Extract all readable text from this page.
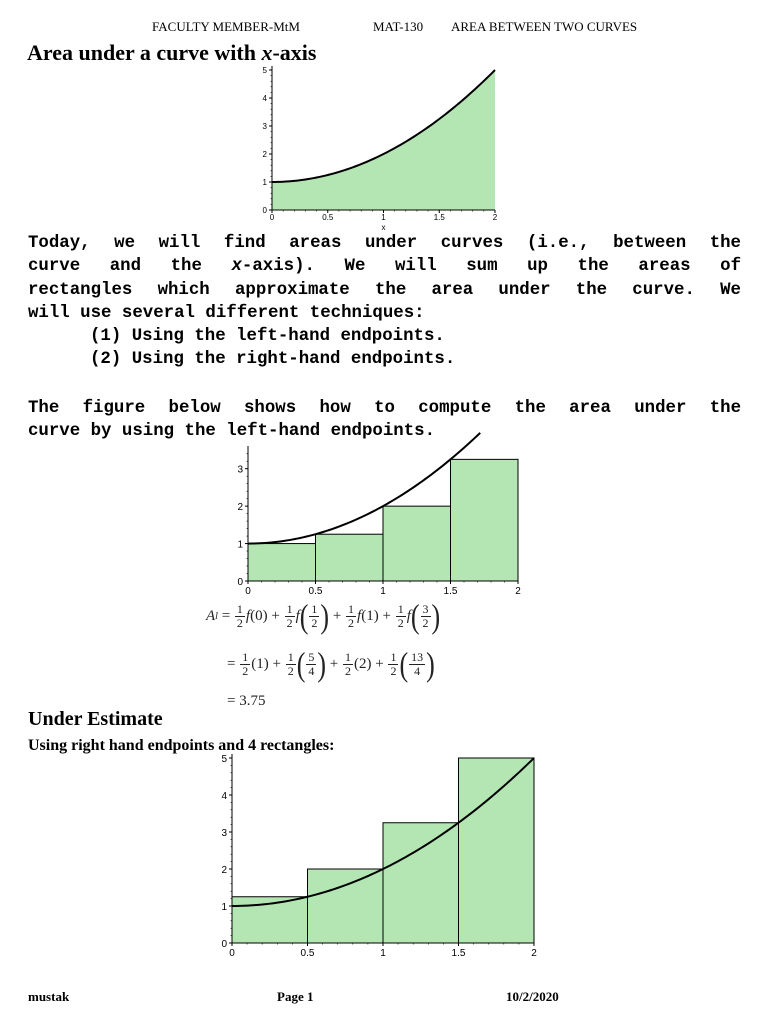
FACULTY MEMBER-MtM	MAT-130 AREA BETWEEN TWO CURVES
Area under a curve with x-axis
0	0.5	1	1.5	2
0
1
2
3
4
5
x
Today, we will find areas under curves (i.e., between the
curve and the x-axis). We will sum up the areas of
rectangles which approximate the area under the curve. We
will use several different techniques:
(1) Using the left-hand endpoints.
(2) Using the right-hand endpoints.
The figure below shows how to compute the area under the
curve by using the left-hand endpoints.
0	0.5	1	1.5	2
0
1
2
3
A $l = \frac{1}{2}$ f ( 0 ) + $\frac{1}{2}$ f ( $\frac{1}{2}$ ) + $\frac{1}{2}$ f ( 1 ) + $\frac{1}{2}$ f ( $\frac{3}{2}$ )
= $\frac{1}{2}$ ( 1 ) + $\frac{1}{2}$ ( $\frac{5}{4}$ ) + $\frac{1}{2}$ ( 2 ) + $\frac{1}{2}$ ( $\frac{13}{4}$ )
= 3.75
Under Estimate
Using right hand endpoints and 4 rectangles:
0	0.5	1	1.5	2
0
1
2
3
4
5
mustak	Page 1	10/2/2020
